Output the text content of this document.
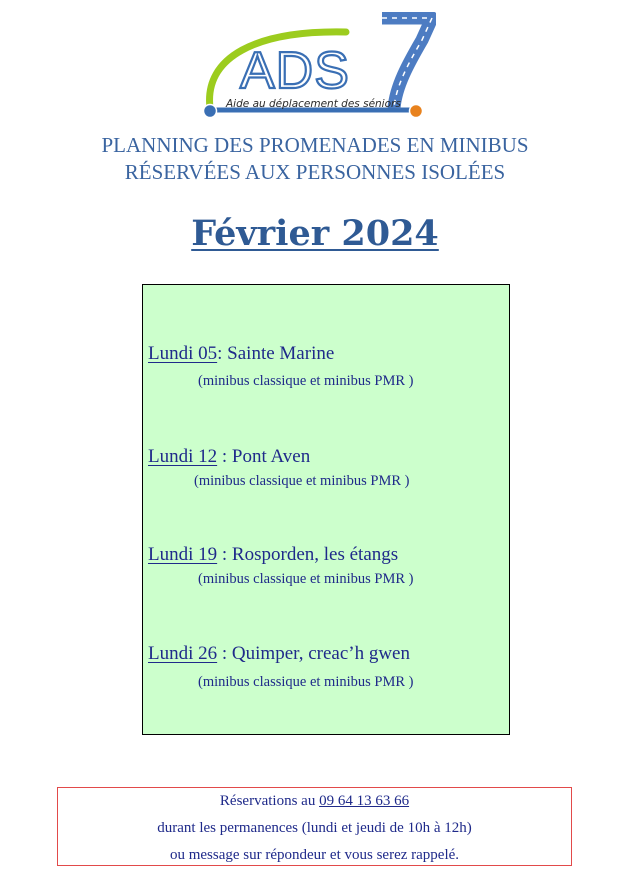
ADS
Aide au déplacement des séniors
PLANNING DES PROMENADES EN MINIBUS
RÉSERVÉES AUX PERSONNES ISOLÉES
Février 2024
Lundi 05: Sainte Marine
(minibus classique et minibus PMR )
Lundi 12 : Pont Aven
(minibus classique et minibus PMR )
Lundi 19 : Rosporden, les étangs
(minibus classique et minibus PMR )
Lundi 26 : Quimper, creac’h gwen
(minibus classique et minibus PMR )
Réservations au 09 64 13 63 66
durant les permanences (lundi et jeudi de 10h à 12h)
ou message sur répondeur et vous serez rappelé.
